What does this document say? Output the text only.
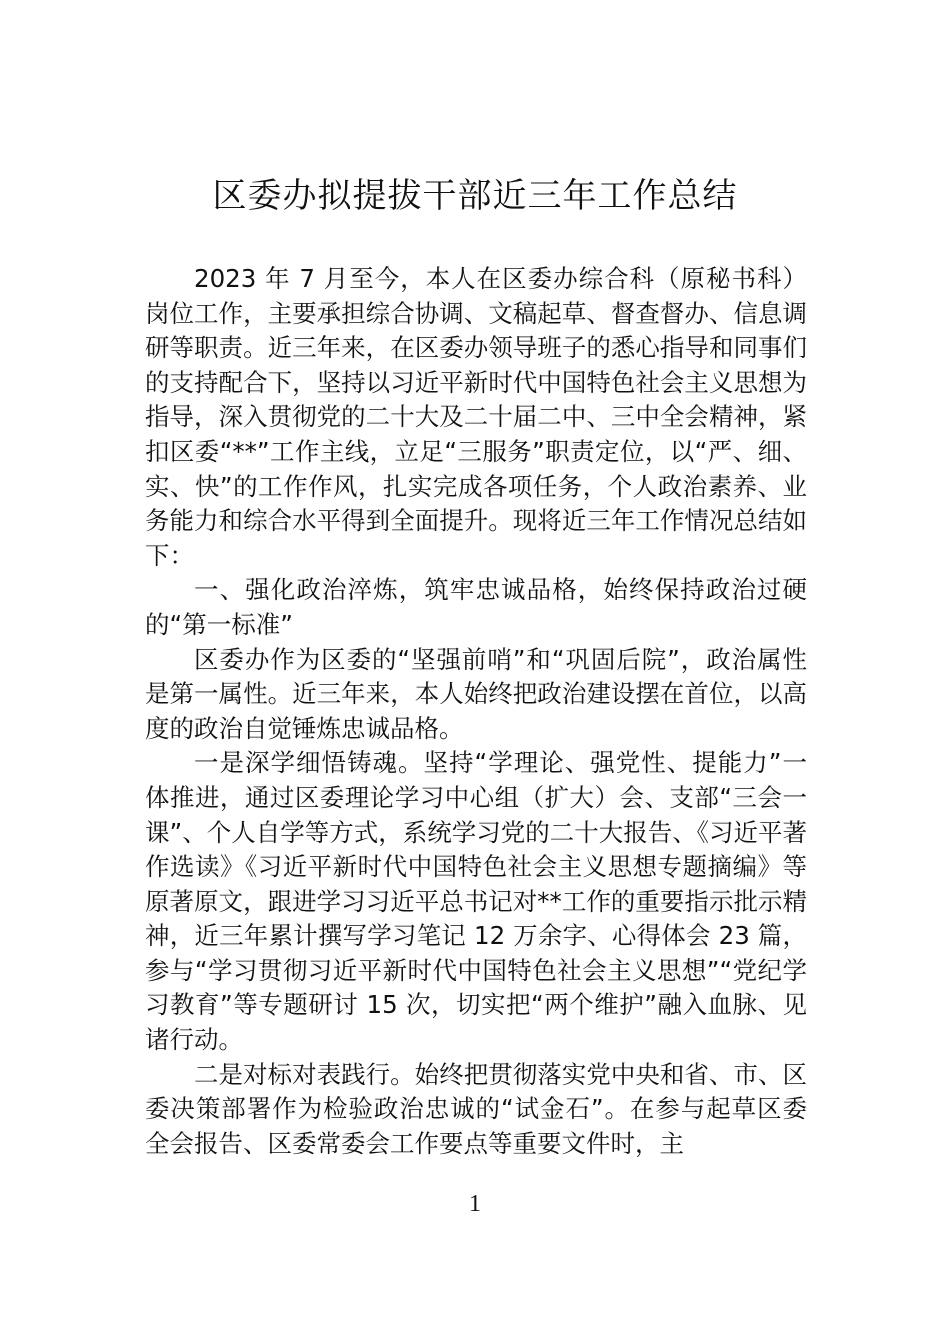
区委办拟提拔干部近三年工作总结

2023 年 7 月至今，本人在区委办综合科（原秘书科）岗位工作，主要承担综合协调、文稿起草、督查督办、信息调研等职责。近三年来，在区委办领导班子的悉心指导和同事们的支持配合下，坚持以习近平新时代中国特色社会主义思想为指导，深入贯彻党的二十大及二十届二中、三中全会精神，紧扣区委“**”工作主线，立足“三服务”职责定位，以“严、细、实、快”的工作作风，扎实完成各项任务，个人政治素养、业务能力和综合水平得到全面提升。现将近三年工作情况总结如下：

一、强化政治淬炼，筑牢忠诚品格，始终保持政治过硬的“第一标准”

区委办作为区委的“坚强前哨”和“巩固后院”，政治属性是第一属性。近三年来，本人始终把政治建设摆在首位，以高度的政治自觉锤炼忠诚品格。

一是深学细悟铸魂。坚持“学理论、强党性、提能力”一体推进，通过区委理论学习中心组（扩大）会、支部“三会一课”、个人自学等方式，系统学习党的二十大报告、《习近平著作选读》《习近平新时代中国特色社会主义思想专题摘编》等原著原文，跟进学习习近平总书记对**工作的重要指示批示精神，近三年累计撰写学习笔记 12 万余字、心得体会 23 篇，参与“学习贯彻习近平新时代中国特色社会主义思想”“党纪学习教育”等专题研讨 15 次，切实把“两个维护”融入血脉、见诸行动。

二是对标对表践行。始终把贯彻落实党中央和省、市、区委决策部署作为检验政治忠诚的“试金石”。在参与起草区委全会报告、区委常委会工作要点等重要文件时，主

1
